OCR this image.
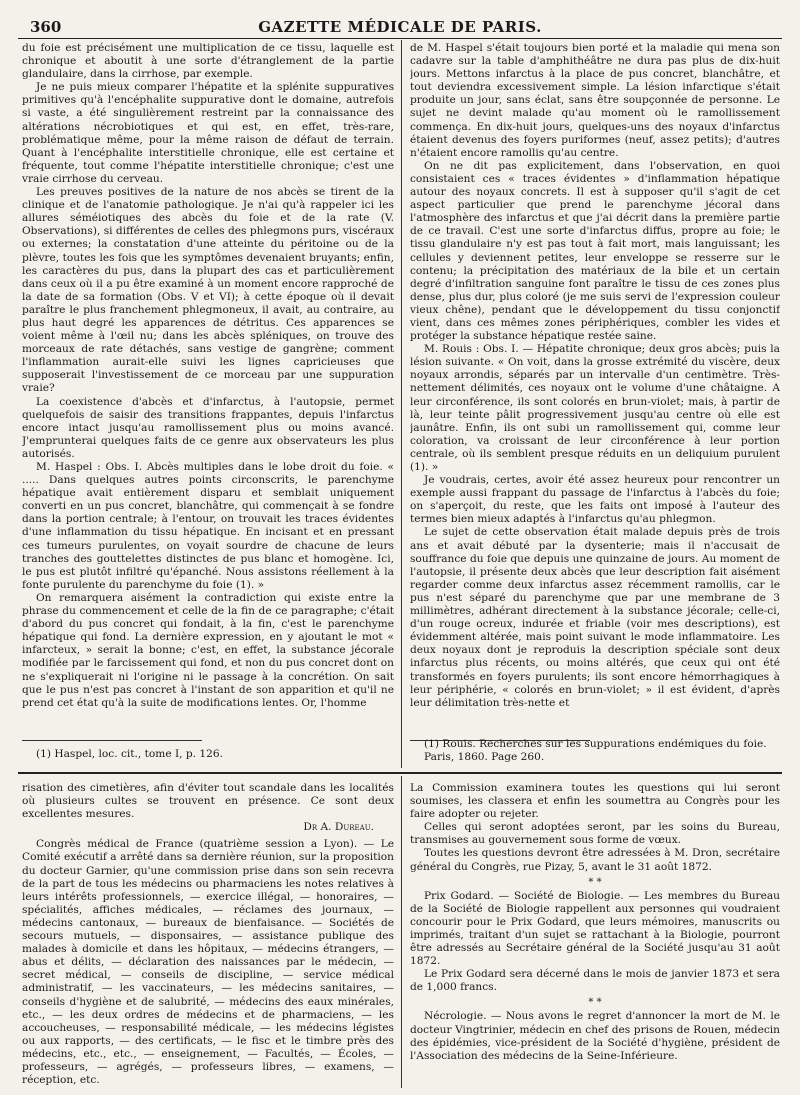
360	GAZETTE MÉDICALE DE PARIS.

du foie est précisément une multiplication de ce tissu, laquelle est chronique et aboutit à une sorte d'étranglement de la partie glandulaire, dans la cirrhose, par exemple.

Je ne puis mieux comparer l'hépatite et la splénite suppuratives primitives qu'à l'encéphalite suppurative dont le domaine, autrefois si vaste, a été singulièrement restreint par la connaissance des altérations nécrobiotiques et qui est, en effet, très-rare, problématique même, pour la même raison de défaut de terrain. Quant à l'encéphalite interstitielle chronique, elle est certaine et fréquente, tout comme l'hépatite interstitielle chronique; c'est une vraie cirrhose du cerveau.

Les preuves positives de la nature de nos abcès se tirent de la clinique et de l'anatomie pathologique. Je n'ai qu'à rappeler ici les allures séméiotiques des abcès du foie et de la rate (V. Observations), si différentes de celles des phlegmons purs, viscéraux ou externes; la constatation d'une atteinte du péritoine ou de la plèvre, toutes les fois que les symptômes devenaient bruyants; enfin, les caractères du pus, dans la plupart des cas et particulièrement dans ceux où il a pu être examiné à un moment encore rapproché de la date de sa formation (Obs. V et VI); à cette époque où il devait paraître le plus franchement phlegmoneux, il avait, au contraire, au plus haut degré les apparences de détritus. Ces apparences se voient même à l'œil nu; dans les abcès spléniques, on trouve des morceaux de rate détachés, sans vestige de gangrène; comment l'inflammation aurait-elle suivi les lignes capricieuses que supposerait l'investissement de ce morceau par une suppuration vraie?

La coexistence d'abcès et d'infarctus, à l'autopsie, permet quelquefois de saisir des transitions frappantes, depuis l'infarctus encore intact jusqu'au ramollissement plus ou moins avancé. J'emprunterai quelques faits de ce genre aux observateurs les plus autorisés.

M. Haspel : Obs. I. Abcès multiples dans le lobe droit du foie. « ..... Dans quelques autres points circonscrits, le parenchyme hépatique avait entièrement disparu et semblait uniquement converti en un pus concret, blanchâtre, qui commençait à se fondre dans la portion centrale; à l'entour, on trouvait les traces évidentes d'une inflammation du tissu hépatique. En incisant et en pressant ces tumeurs purulentes, on voyait sourdre de chacune de leurs tranches des gouttelettes distinctes de pus blanc et homogène. Ici, le pus est plutôt infiltré qu'épanché. Nous assistons réellement à la fonte purulente du parenchyme du foie (1). »

On remarquera aisément la contradiction qui existe entre la phrase du commencement et celle de la fin de ce paragraphe; c'était d'abord du pus concret qui fondait, à la fin, c'est le parenchyme hépatique qui fond. La dernière expression, en y ajoutant le mot « infarcteux, » serait la bonne; c'est, en effet, la substance jécorale modifiée par le farcissement qui fond, et non du pus concret dont on ne s'expliquerait ni l'origine ni le passage à la concrétion. On sait que le pus n'est pas concret à l'instant de son apparition et qu'il ne prend cet état qu'à la suite de modifications lentes. Or, l'homme

de M. Haspel s'était toujours bien porté et la maladie qui mena son cadavre sur la table d'amphithéâtre ne dura pas plus de dix-huit jours. Mettons infarctus à la place de pus concret, blanchâtre, et tout deviendra excessivement simple. La lésion infarctique s'était produite un jour, sans éclat, sans être soupçonnée de personne. Le sujet ne devint malade qu'au moment où le ramollissement commença. En dix-huit jours, quelques-uns des noyaux d'infarctus étaient devenus des foyers puriformes (neuf, assez petits); d'autres n'étaient encore ramollis qu'au centre.

On ne dit pas explicitement, dans l'observation, en quoi consistaient ces « traces évidentes » d'inflammation hépatique autour des noyaux concrets. Il est à supposer qu'il s'agit de cet aspect particulier que prend le parenchyme jécoral dans l'atmosphère des infarctus et que j'ai décrit dans la première partie de ce travail. C'est une sorte d'infarctus diffus, propre au foie; le tissu glandulaire n'y est pas tout à fait mort, mais languissant; les cellules y deviennent petites, leur enveloppe se resserre sur le contenu; la précipitation des matériaux de la bile et un certain degré d'infiltration sanguine font paraître le tissu de ces zones plus dense, plus dur, plus coloré (je me suis servi de l'expression couleur vieux chêne), pendant que le développement du tissu conjonctif vient, dans ces mêmes zones périphériques, combler les vides et protéger la substance hépatique restée saine.

M. Rouis : Obs. I. — Hépatite chronique; deux gros abcès; puis la lésion suivante. « On voit, dans la grosse extrémité du viscère, deux noyaux arrondis, séparés par un intervalle d'un centimètre. Très-nettement délimités, ces noyaux ont le volume d'une châtaigne. A leur circonférence, ils sont colorés en brun-violet; mais, à partir de là, leur teinte pâlit progressivement jusqu'au centre où elle est jaunâtre. Enfin, ils ont subi un ramollissement qui, comme leur coloration, va croissant de leur circonférence à leur portion centrale, où ils semblent presque réduits en un deliquium purulent (1). »

Je voudrais, certes, avoir été assez heureux pour rencontrer un exemple aussi frappant du passage de l'infarctus à l'abcès du foie; on s'aperçoit, du reste, que les faits ont imposé à l'auteur des termes bien mieux adaptés à l'infarctus qu'au phlegmon.

Le sujet de cette observation était malade depuis près de trois ans et avait débuté par la dysenterie; mais il n'accusait de souffrance du foie que depuis une quinzaine de jours. Au moment de l'autopsie, il présente deux abcès que leur description fait aisément regarder comme deux infarctus assez récemment ramollis, car le pus n'est séparé du parenchyme que par une membrane de 3 millimètres, adhérant directement à la substance jécorale; celle-ci, d'un rouge ocreux, indurée et friable (voir mes descriptions), est évidemment altérée, mais point suivant le mode inflammatoire. Les deux noyaux dont je reproduis la description spéciale sont deux infarctus plus récents, ou moins altérés, que ceux qui ont été transformés en foyers purulents; ils sont encore hémorrhagiques à leur périphérie, « colorés en brun-violet; » il est évident, d'après leur délimitation très-nette et

(1) Haspel, loc. cit., tome I, p. 126.
(1) Rouis. Recherches sur les suppurations endémiques du foie. Paris, 1860. Page 260.

risation des cimetières, afin d'éviter tout scandale dans les localités où plusieurs cultes se trouvent en présence. Ce sont deux excellentes mesures.

Dr A. Dureau.

Congrès médical de France (quatrième session a Lyon). — Le Comité exécutif a arrêté dans sa dernière réunion, sur la proposition du docteur Garnier, qu'une commission prise dans son sein recevra de la part de tous les médecins ou pharmaciens les notes relatives à leurs intérêts professionnels, — exercice illégal, — honoraires, — spécialités, affiches médicales, — réclames des journaux, — médecins cantonaux, — bureaux de bienfaisance. — Sociétés de secours mutuels, — disponsaires, — assistance publique des malades à domicile et dans les hôpitaux, — médecins étrangers, — abus et délits, — déclaration des naissances par le médecin, — secret médical, — conseils de discipline, — service médical administratif, — les vaccinateurs, — les médecins sanitaires, — conseils d'hygiène et de salubrité, — médecins des eaux minérales, etc., — les deux ordres de médecins et de pharmaciens, — les accoucheuses, — responsabilité médicale, — les médecins légistes ou aux rapports, — des certificats, — le fisc et le timbre près des médecins, etc., etc., — enseignement, — Facultés, — Écoles, — professeurs, — agrégés, — professeurs libres, — examens, — réception, etc.

La Commission examinera toutes les questions qui lui seront soumises, les classera et enfin les soumettra au Congrès pour les faire adopter ou rejeter.

Celles qui seront adoptées seront, par les soins du Bureau, transmises au gouvernement sous forme de vœux.

Toutes les questions devront être adressées à M. Dron, secrétaire général du Congrès, rue Pizay, 5, avant le 31 août 1872.

* *

Prix Godard. — Société de Biologie. — Les membres du Bureau de la Société de Biologie rappellent aux personnes qui voudraient concourir pour le Prix Godard, que leurs mémoires, manuscrits ou imprimés, traitant d'un sujet se rattachant à la Biologie, pourront être adressés au Secrétaire général de la Société jusqu'au 31 août 1872.

Le Prix Godard sera décerné dans le mois de janvier 1873 et sera de 1,000 francs.

* *

Nécrologie. — Nous avons le regret d'annoncer la mort de M. le docteur Vingtrinier, médecin en chef des prisons de Rouen, médecin des épidémies, vice-président de la Société d'hygiène, président de l'Association des médecins de la Seine-Inférieure.
